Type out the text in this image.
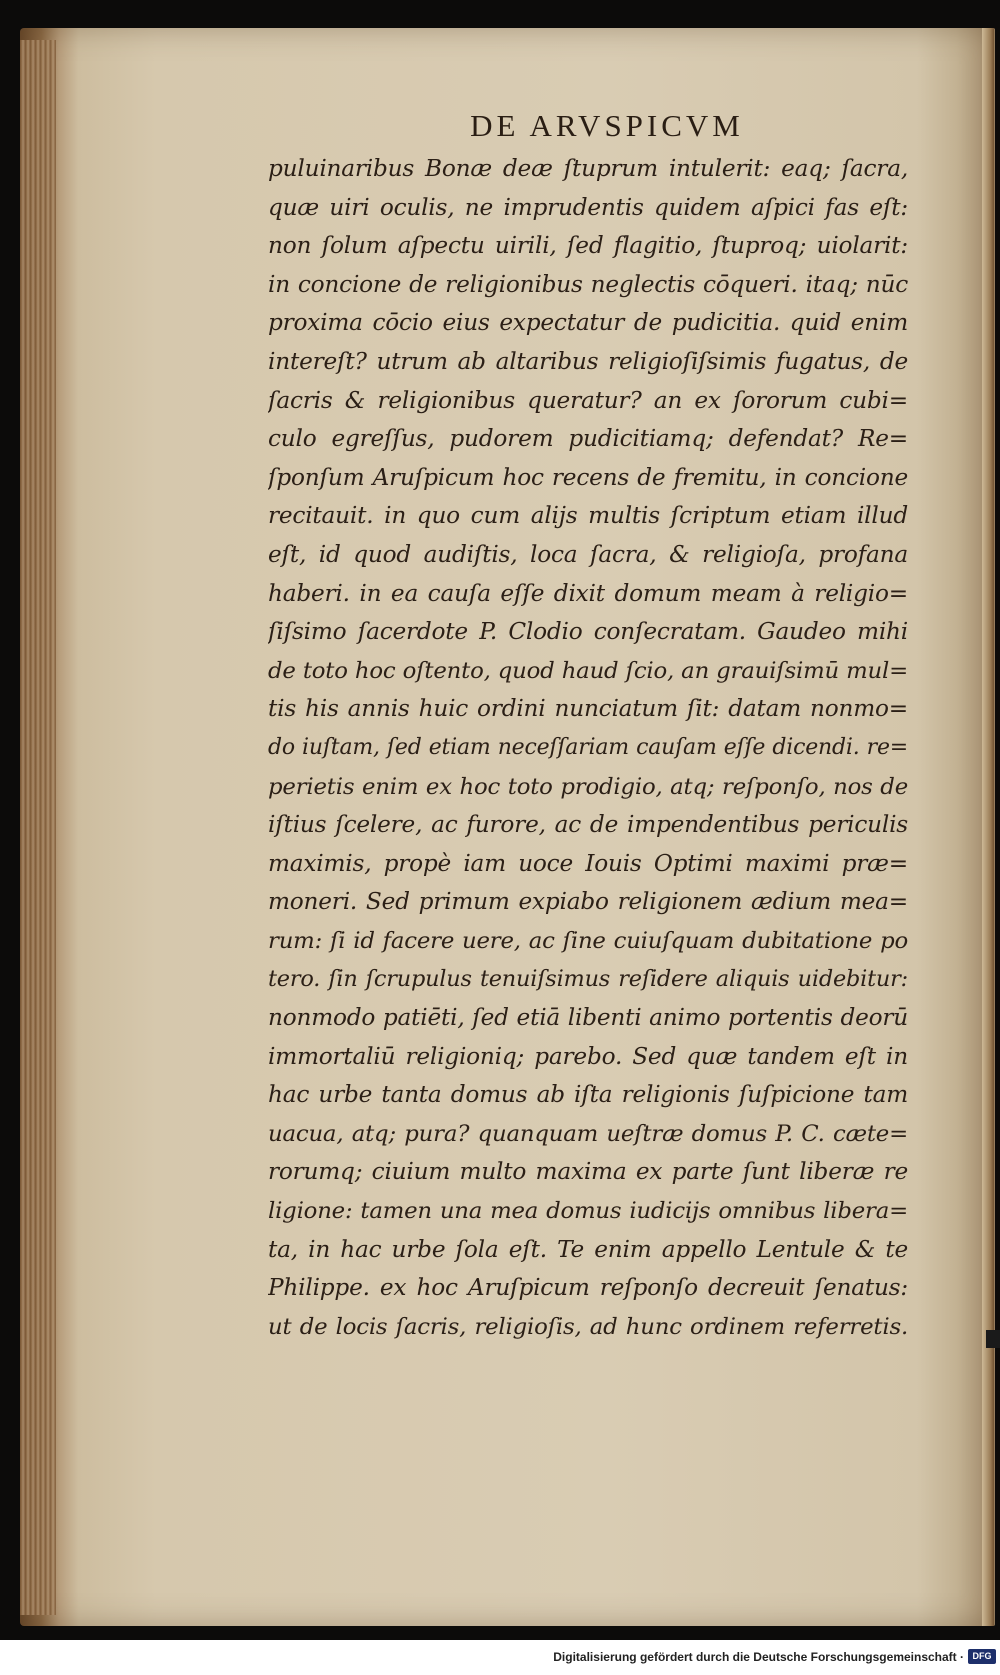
DE ARVSPICVM
puluinaribus Bonæ deæ ſtuprum intulerit: eaq; ſacra,
quæ uiri oculis, ne imprudentis quidem aſpici fas eſt:
non ſolum aſpectu uirili, ſed flagitio, ſtuproq; uiolarit:
in concione de religionibus neglectis cōqueri. itaq; nūc
proxima cōcio eius expectatur de pudicitia. quid enim
intereſt? utrum ab altaribus religioſiſsimis fugatus, de
ſacris & religionibus queratur? an ex ſororum cubi=
culo egreſſus, pudorem pudicitiamq; defendat? Re=
ſponſum Aruſpicum hoc recens de fremitu, in concione
recitauit. in quo cum alijs multis ſcriptum etiam illud
eſt, id quod audiſtis, loca ſacra, & religioſa, profana
haberi. in ea cauſa eſſe dixit domum meam à religio=
ſiſsimo ſacerdote P. Clodio conſecratam. Gaudeo mihi
de toto hoc oſtento, quod haud ſcio, an grauiſsimū mul=
tis his annis huic ordini nunciatum ſit: datam nonmo=
do iuſtam, ſed etiam neceſſariam cauſam eſſe dicendi. re=
perietis enim ex hoc toto prodigio, atq; reſponſo, nos de
iſtius ſcelere, ac furore, ac de impendentibus periculis
maximis, propè iam uoce Iouis Optimi maximi præ=
moneri. Sed primum expiabo religionem ædium mea=
rum: ſi id facere uere, ac ſine cuiuſquam dubitatione po
tero. ſin ſcrupulus tenuiſsimus reſidere aliquis uidebitur:
nonmodo patiēti, ſed etiā libenti animo portentis deorū
immortaliū religioniq; parebo. Sed quæ tandem eſt in
hac urbe tanta domus ab iſta religionis ſuſpicione tam
uacua, atq; pura? quanquam ueſtræ domus P. C. cæte=
rorumq; ciuium multo maxima ex parte ſunt liberæ re
ligione: tamen una mea domus iudicijs omnibus libera=
ta, in hac urbe ſola eſt. Te enim appello Lentule & te
Philippe. ex hoc Aruſpicum reſponſo decreuit ſenatus:
ut de locis ſacris, religioſis, ad hunc ordinem referretis.
Digitalisierung gefördert durch die Deutsche Forschungsgemeinschaft · DFG
